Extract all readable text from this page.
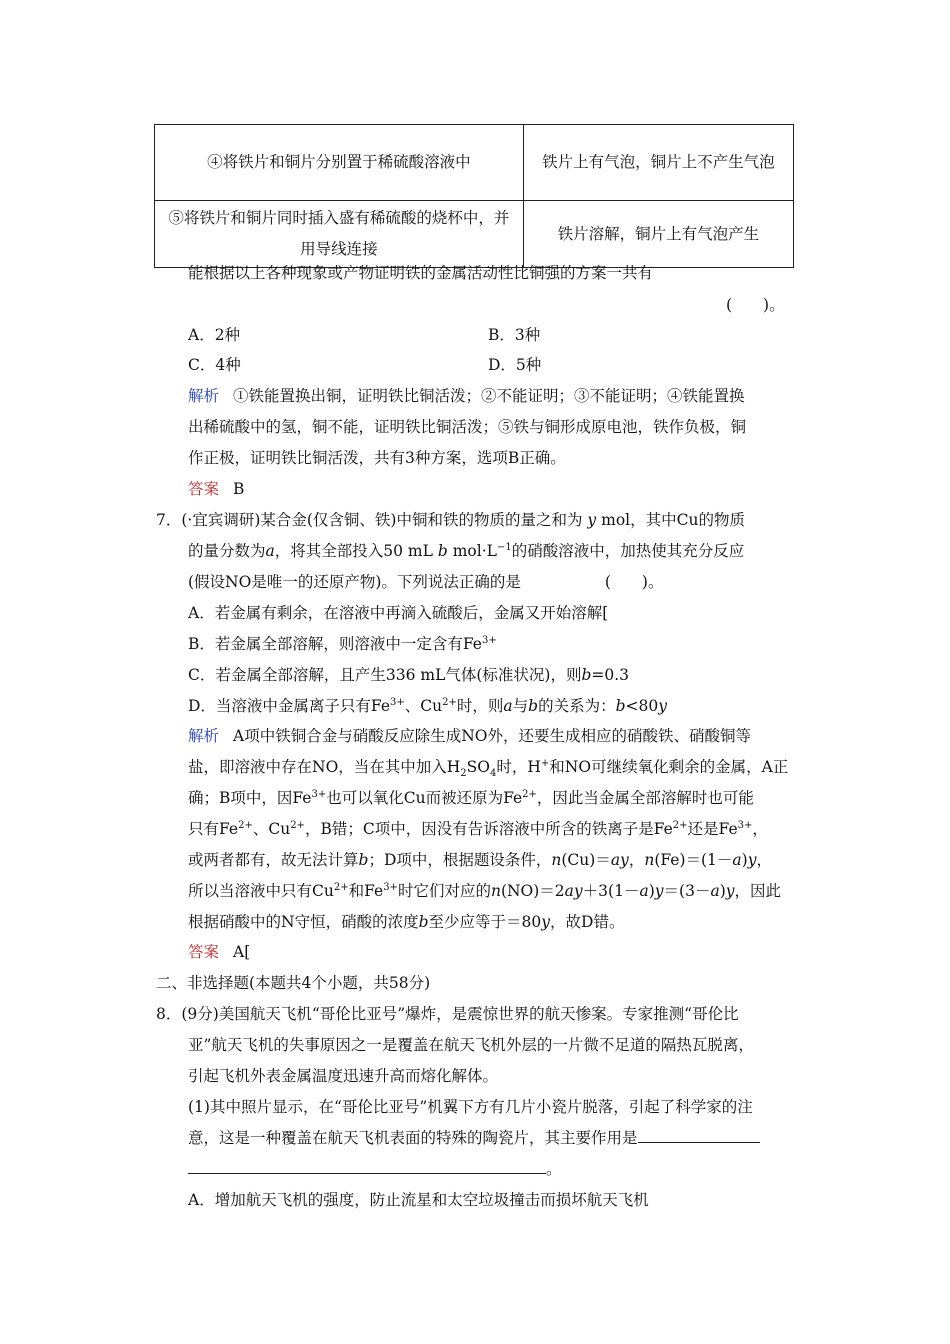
④将铁片和铜片分别置于稀硫酸溶液中	铁片上有气泡，铜片上不产生气泡
⑤将铁片和铜片同时插入盛有稀硫酸的烧杯中，并用导线连接	铁片溶解，铜片上有气泡产生
能根据以上各种现象或产物证明铁的金属活动性比铜强的方案一共有
(　　)。
A．2种	B．3种
C．4种	D．5种
解析 ①铁能置换出铜，证明铁比铜活泼；②不能证明；③不能证明；④铁能置换
出稀硫酸中的氢，铜不能，证明铁比铜活泼；⑤铁与铜形成原电池，铁作负极，铜
作正极，证明铁比铜活泼，共有3种方案，选项B正确。
答案 B
7．(·宜宾调研)某合金(仅含铜、铁)中铜和铁的物质的量之和为 y mol，其中Cu的物质
的量分数为a，将其全部投入50 mL b $mol\cdot L^{-1}$的硝酸溶液中，加热使其充分反应
(假设NO是唯一的还原产物)。下列说法正确的是	(　　)。
A．若金属有剩余，在溶液中再滴入硫酸后，金属又开始溶解[
B．若金属全部溶解，则溶液中一定含有$Fe^{3+}$
C．若金属全部溶解，且产生336 mL气体(标准状况)，则b=0.3
D．当溶液中金属离子只有$Fe^{3+}$、$Cu^{2+}$时，则a与b的关系为：b<80y
解析 A项中铁铜合金与硝酸反应除生成NO外，还要生成相应的硝酸铁、硝酸铜等
盐，即溶液中存在NO，当在其中加入$H_2SO_4$时，H+和NO可继续氧化剩余的金属，A正
确；B项中，因$Fe^{3+}$也可以氧化Cu而被还原为$Fe^{2+}$，因此当金属全部溶解时也可能
只有$Fe^{2+}$、$Cu^{2+}$，B错；C项中，因没有告诉溶液中所含的铁离子是$Fe^{2+}$还是$Fe^{3+}$，
或两者都有，故无法计算b；D项中，根据题设条件，n(Cu)＝ay，n(Fe)＝(1－a)y，
所以当溶液中只有$Cu^{2+}$和$Fe^{3+}$时它们对应的n(NO)＝2ay＋3(1－a)y＝(3－a)y，因此
根据硝酸中的N守恒，硝酸的浓度b至少应等于＝80y，故D错。
答案 A[
二、非选择题(本题共4个小题，共58分)
8．(9分)美国航天飞机“哥伦比亚号”爆炸，是震惊世界的航天惨案。专家推测“哥伦比
亚”航天飞机的失事原因之一是覆盖在航天飞机外层的一片微不足道的隔热瓦脱离，
引起飞机外表金属温度迅速升高而熔化解体。
(1)其中照片显示，在“哥伦比亚号”机翼下方有几片小瓷片脱落，引起了科学家的注
意，这是一种覆盖在航天飞机表面的特殊的陶瓷片，其主要作用是
。
A．增加航天飞机的强度，防止流星和太空垃圾撞击而损坏航天飞机
